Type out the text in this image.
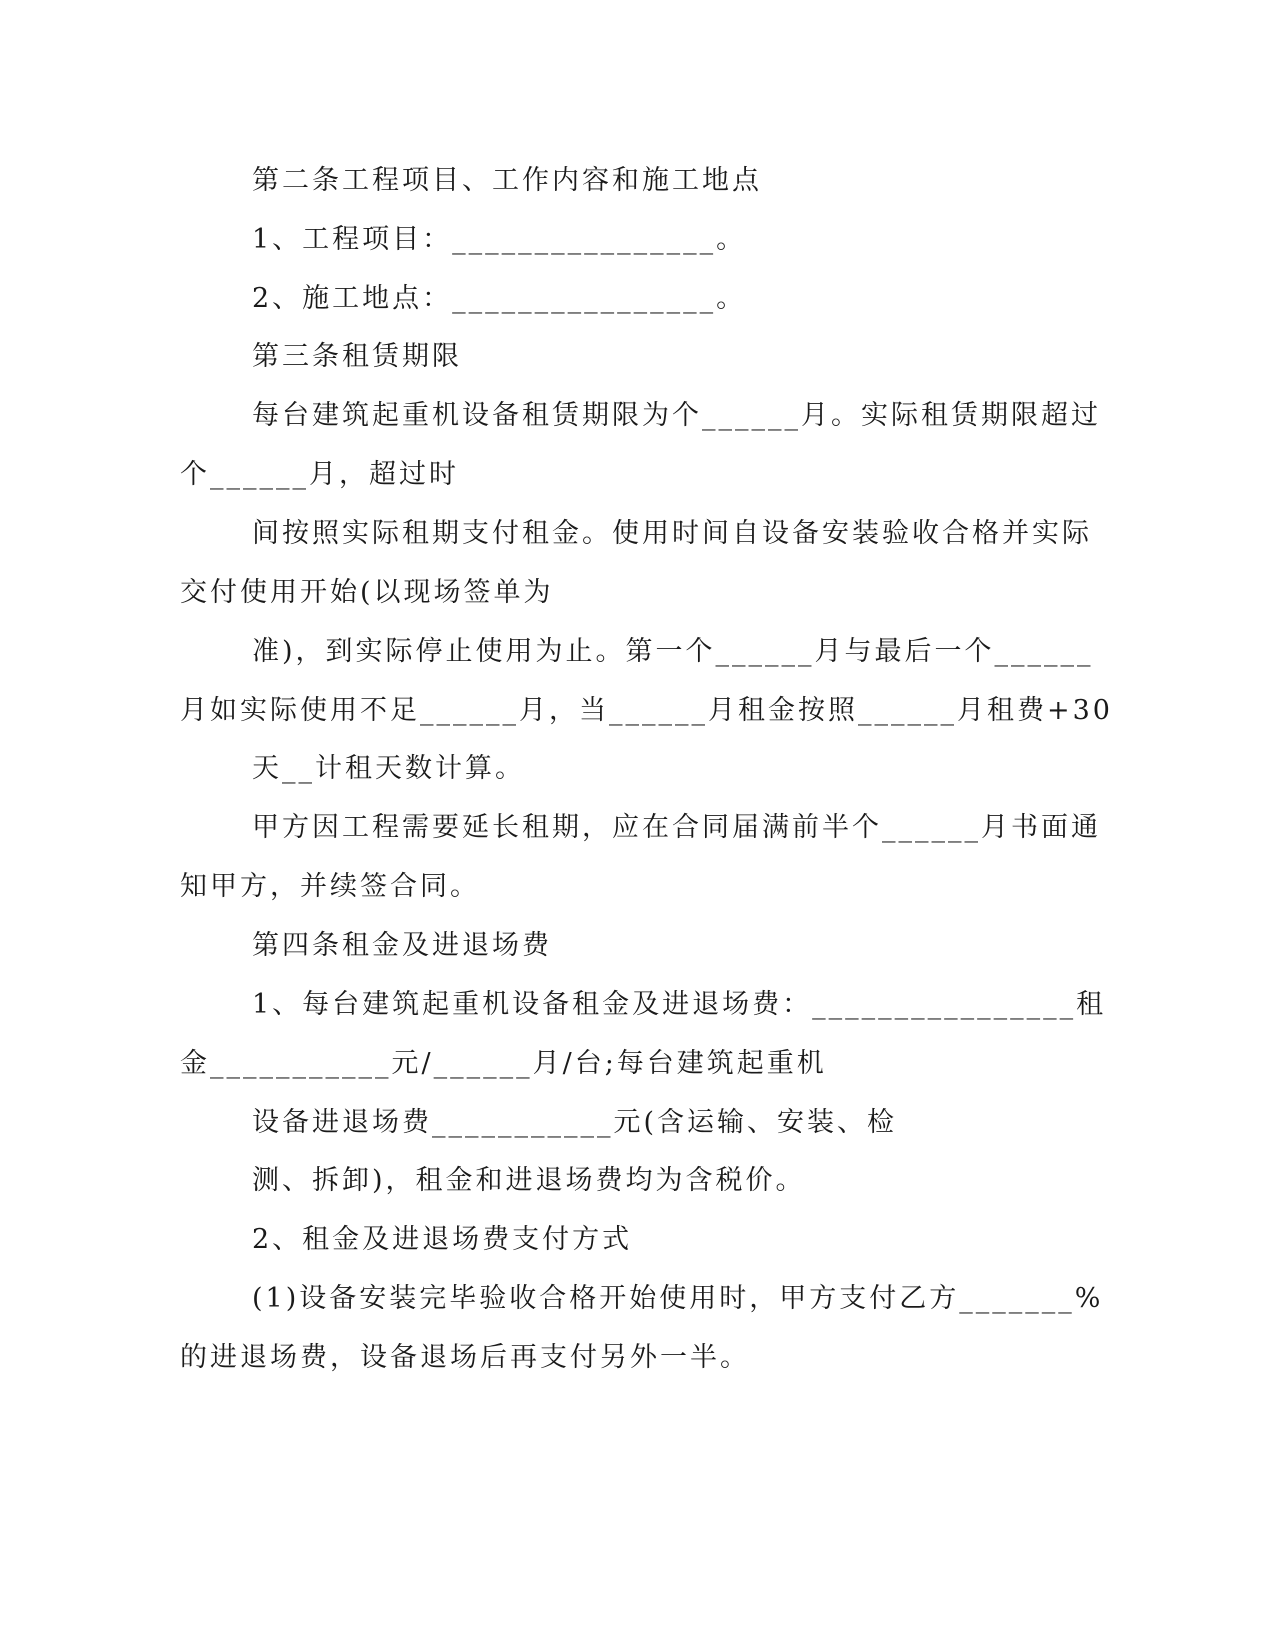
第二条工程项目、工作内容和施工地点
1、工程项目：________________。
2、施工地点：________________。
第三条租赁期限
每台建筑起重机设备租赁期限为个______月。实际租赁期限超过
个______月，超过时
间按照实际租期支付租金。使用时间自设备安装验收合格并实际
交付使用开始(以现场签单为
准)，到实际停止使用为止。第一个______月与最后一个______
月如实际使用不足______月，当______月租金按照______月租费+30
天__计租天数计算。
甲方因工程需要延长租期，应在合同届满前半个______月书面通
知甲方，并续签合同。
第四条租金及进退场费
1、每台建筑起重机设备租金及进退场费：________________租
金___________元/______月/台;每台建筑起重机
设备进退场费___________元(含运输、安装、检
测、拆卸)，租金和进退场费均为含税价。
2、租金及进退场费支付方式
(1)设备安装完毕验收合格开始使用时，甲方支付乙方_______%
的进退场费，设备退场后再支付另外一半。
